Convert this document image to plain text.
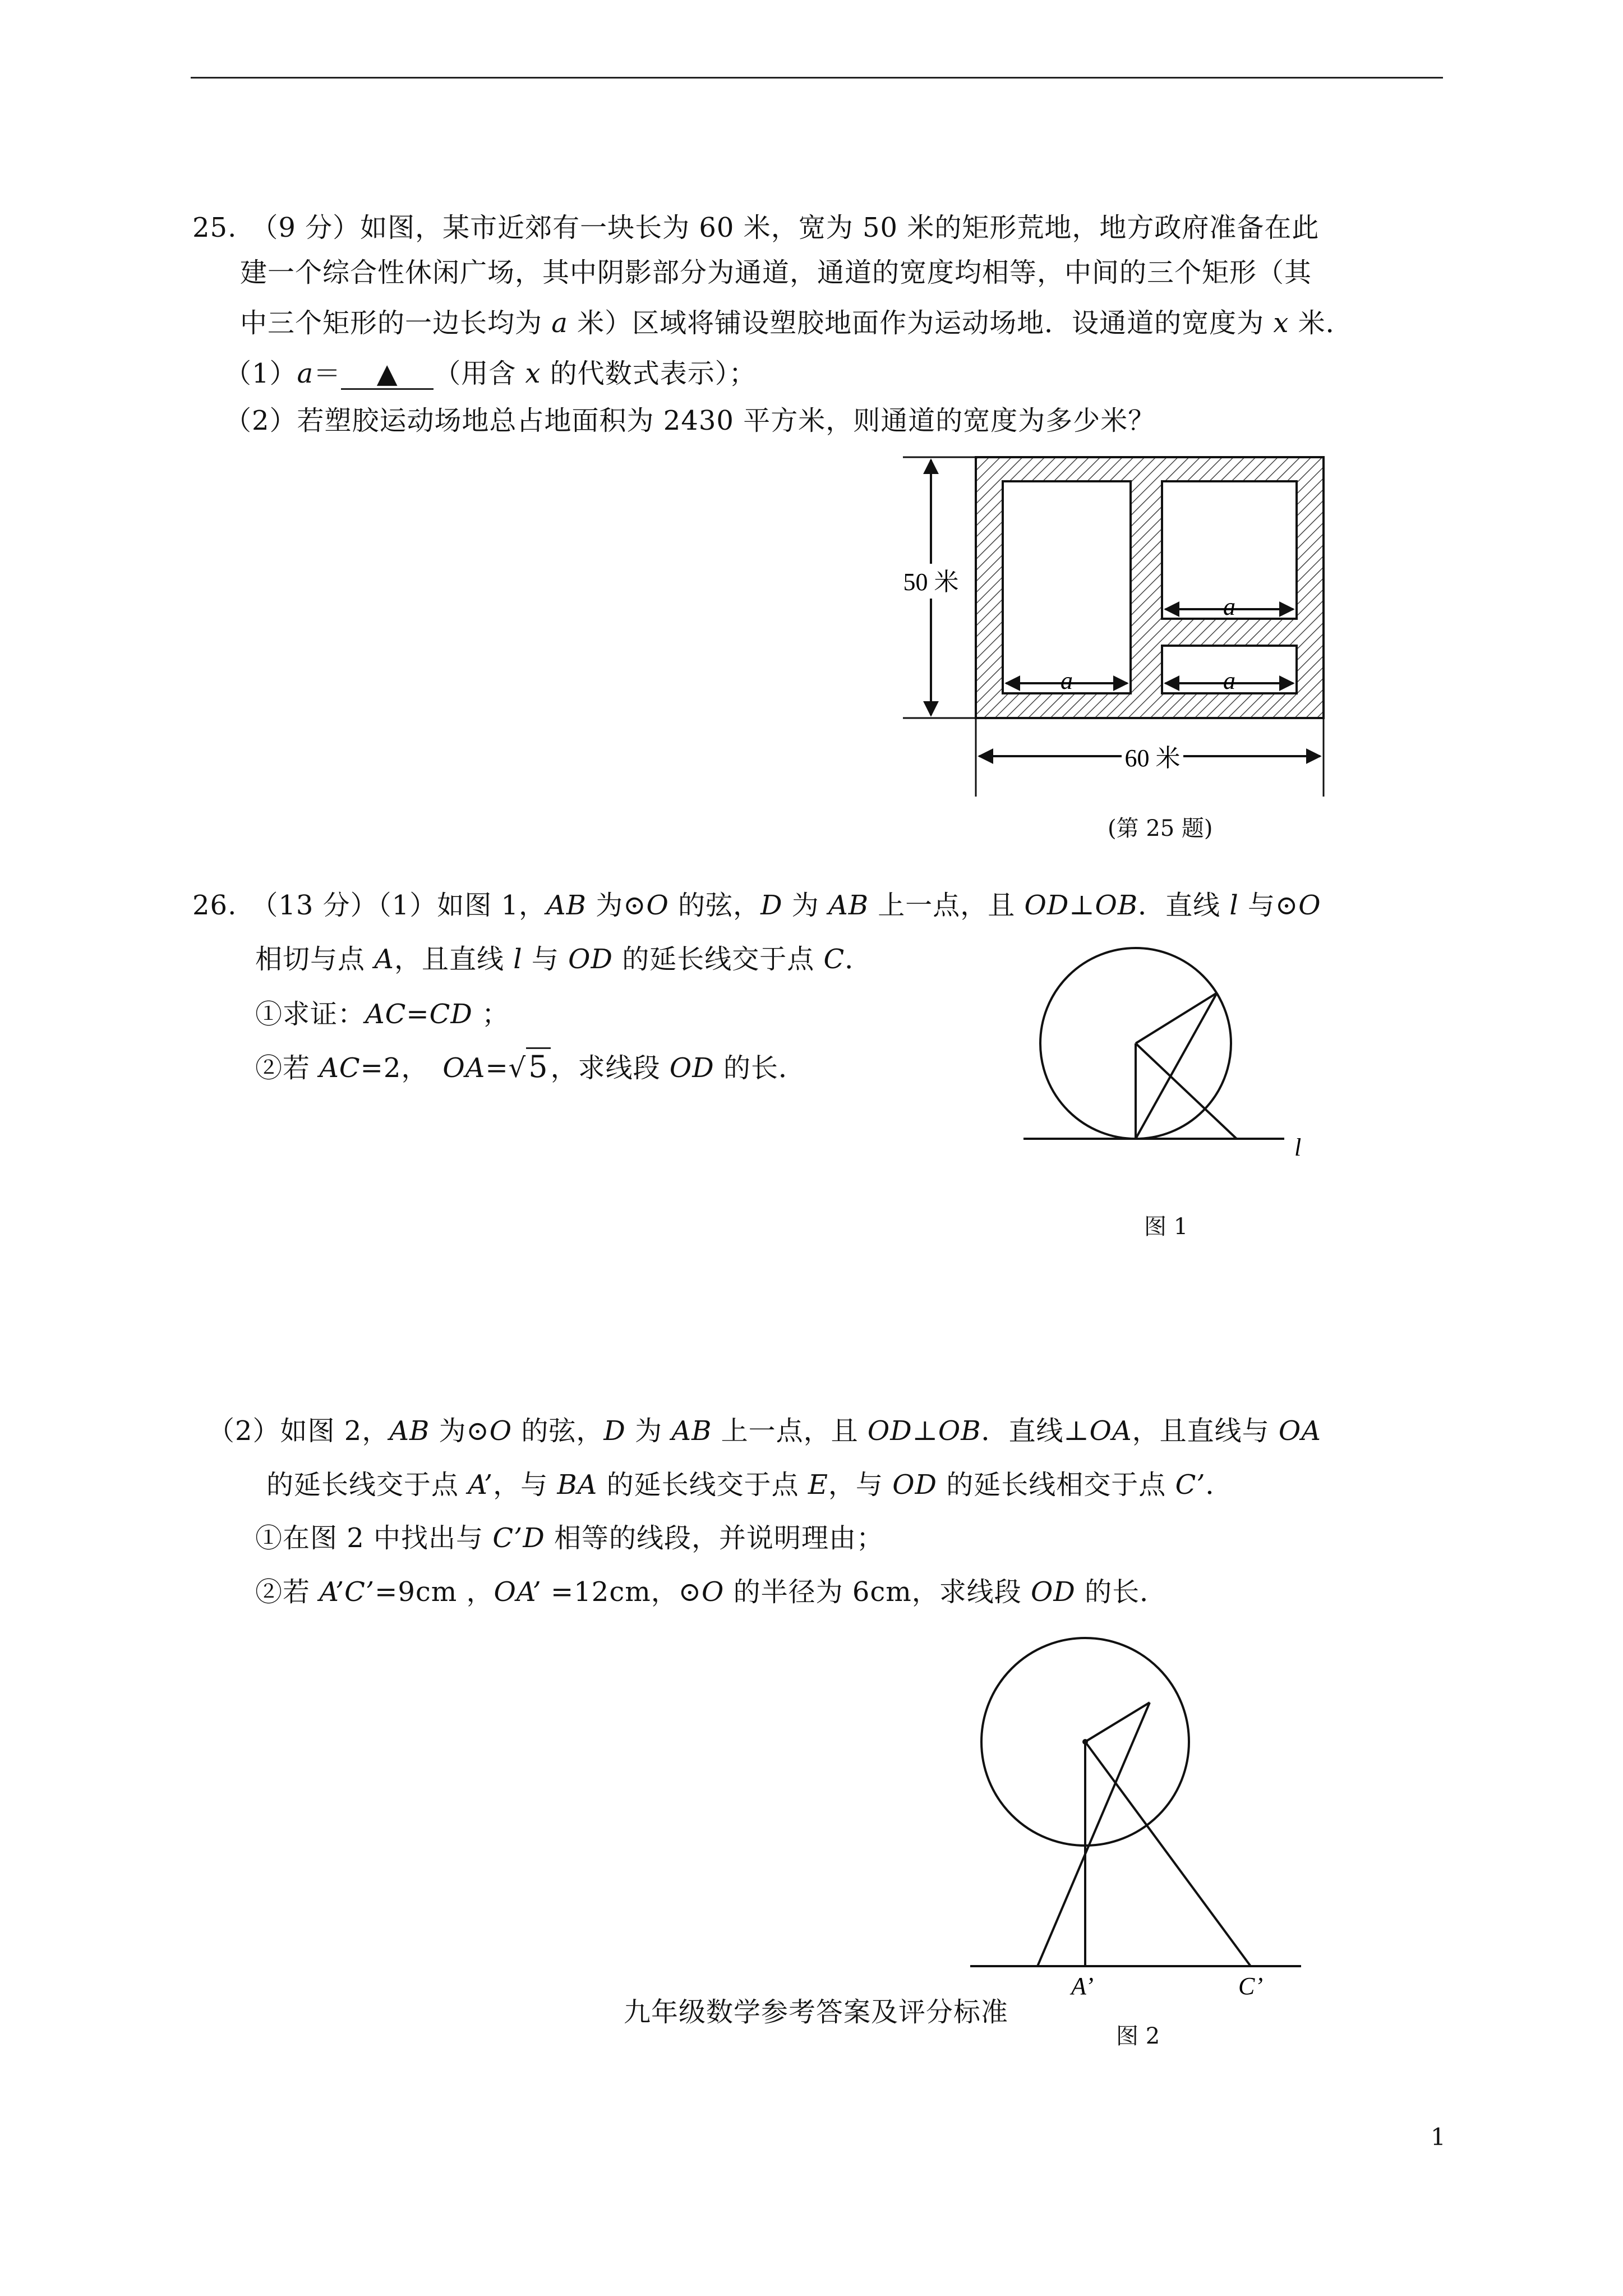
25.　（9 分）如图，某市近郊有一块长为 60 米，宽为 50 米的矩形荒地，地方政府准备在此
建一个综合性休闲广场，其中阴影部分为通道，通道的宽度均相等，中间的三个矩形（其
中三个矩形的一边长均为 a 米）区域将铺设塑胶地面作为运动场地．设通道的宽度为 x 米．
（1）a＝ ▲ （用含 x 的代数式表示）；
（2）若塑胶运动场地总占地面积为 2430 平方米，则通道的宽度为多少米？
50 米
60 米
a
a
a
(第 25 题)
26.　（13 分）（1）如图 1，AB 为⊙O 的弦，D 为 AB 上一点，且 OD⊥OB．直线 l 与⊙O
相切与点 A，且直线 l 与 OD 的延长线交于点 C．
①求证：AC=CD ；
②若 AC=2，　OA=√5，求线段 OD 的长．
l
图 1
（2）如图 2，AB 为⊙O 的弦，D 为 AB 上一点，且 OD⊥OB．直线⊥OA，且直线与 OA
的延长线交于点 A’，与 BA 的延长线交于点 E，与 OD 的延长线相交于点 C’．
①在图 2 中找出与 C’D 相等的线段，并说明理由；
②若 A’C’=9cm ，OA’ =12cm，⊙O 的半径为 6cm，求线段 OD 的长．
A’	C’
九年级数学参考答案及评分标准
图 2
1
